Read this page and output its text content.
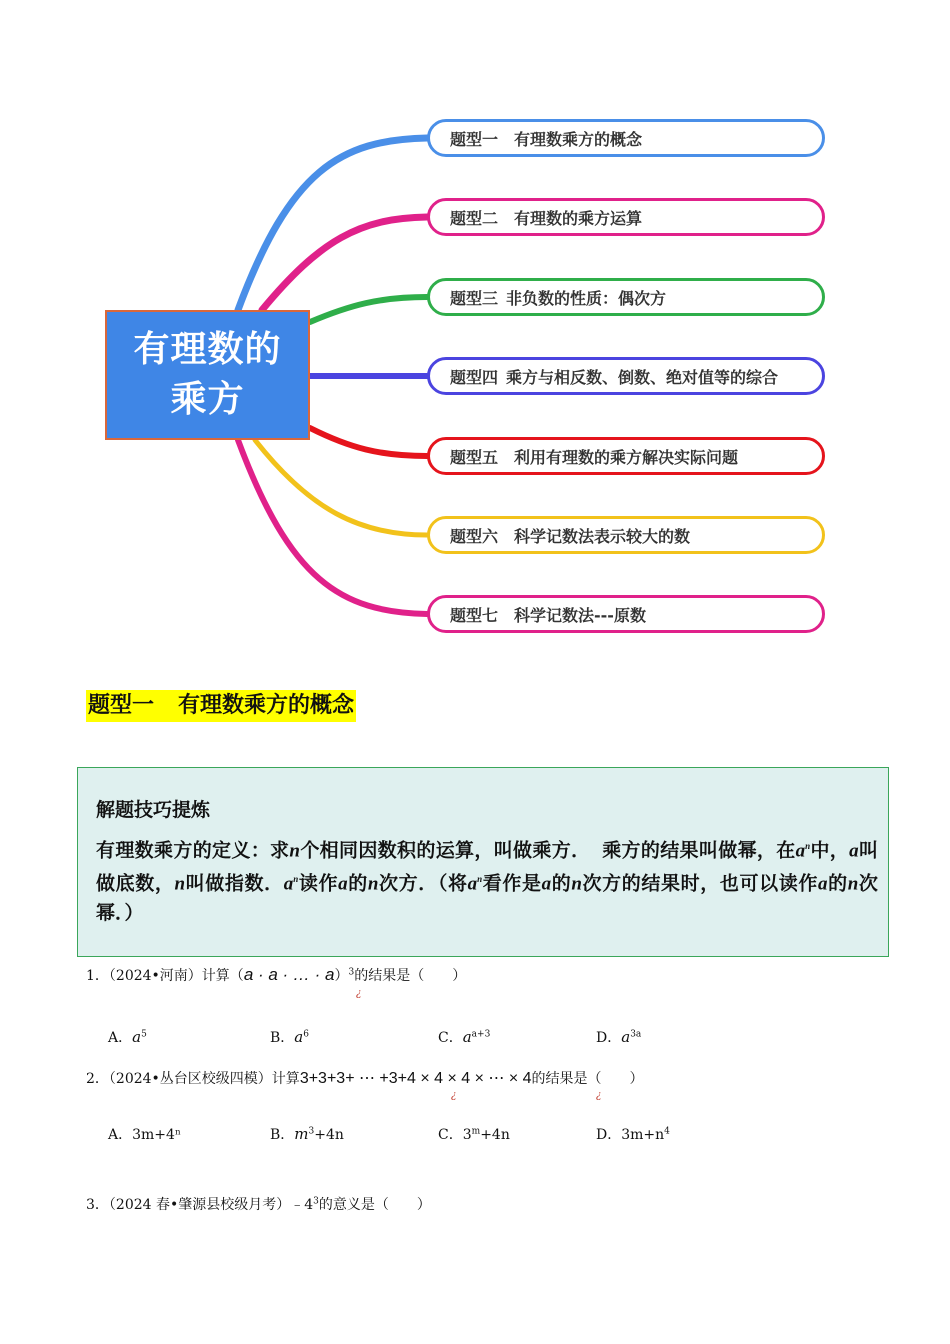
有理数的乘方
题型一 有理数乘方的概念
题型二 有理数的乘方运算
题型三 非负数的性质：偶次方
题型四 乘方与相反数、倒数、绝对值等的综合
题型五 利用有理数的乘方解决实际问题
题型六 科学记数法表示较大的数
题型七 科学记数法---原数
题型一 有理数乘方的概念
解题技巧提炼
有理数乘方的定义：求n个相同因数积的运算，叫做乘方． 乘方的结果叫做幂，在$a^n$中，a叫做底数，n叫做指数．$a^n$读作a的n次方．（将$a^n$看作是a的n次方的结果时，也可以读作a的n次幂．）
1．（2024•河南）计算（a · a · … · a）$^3$的结果是（　　）
¿
A．$a^5$	B．$a^6$	C．$a^{a+3}$	D．$a^{3a}$
2．（2024•丛台区校级四模）计算3+3+3+ ⋯ +3+4 × 4 × 4 × ⋯ × 4的结果是（　　）
¿	¿
A．3m+4ⁿ	B．$m^3+4n$	C．$3^m+4n$	D．$3m+n^4$
3．（2024 春•肇源县校级月考）$﹣4^3$的意义是（　　）
